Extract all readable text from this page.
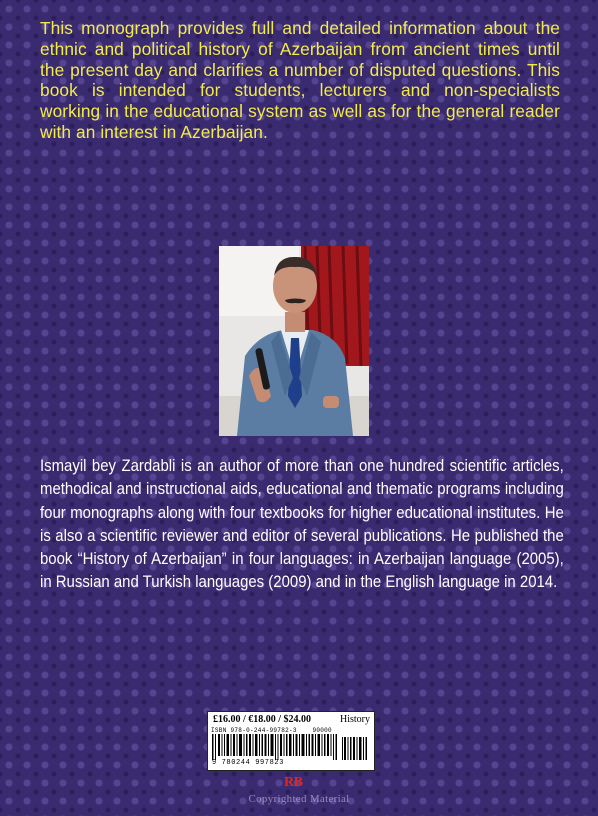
This monograph provides full and detailed information about the ethnic and political history of Azerbaijan from ancient times until the present day and clarifies a number of disputed questions. This book is intended for students, lecturers and non-specialists working in the educational system as well as for the general reader with an interest in Azerbaijan.

Ismayil bey Zardabli is an author of more than one hundred scientific articles, methodical and instructional aids, educational and thematic programs including four monographs along with four textbooks for higher educational institutes. He is also a scientific reviewer and editor of several publications. He published the book “History of Azerbaijan” in four languages: in Azerbaijan language (2005), in Russian and Turkish languages (2009) and in the English language in 2014.

£16.00 / €18.00 / $24.00	History
ISBN 978-0-244-99782-3	90000
9 780244 997823
RB
Copyrighted Material
